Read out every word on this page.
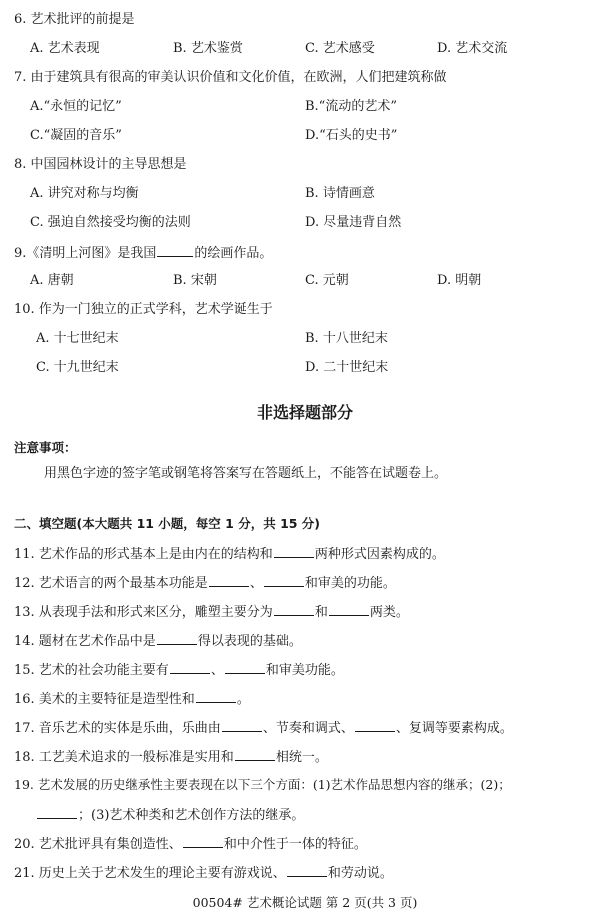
6. 艺术批评的前提是
A. 艺术表现	B. 艺术鉴赏	C. 艺术感受	D. 艺术交流
7. 由于建筑具有很高的审美认识价值和文化价值，在欧洲，人们把建筑称做
A.“永恒的记忆”	B.“流动的艺术”
C.“凝固的音乐”	D.“石头的史书”
8. 中国园林设计的主导思想是
A. 讲究对称与均衡	B. 诗情画意
C. 强迫自然接受均衡的法则	D. 尽量违背自然
9.《清明上河图》是我国	的绘画作品。
A. 唐朝	B. 宋朝	C. 元朝	D. 明朝
10. 作为一门独立的正式学科，艺术学诞生于
A. 十七世纪末	B. 十八世纪末
C. 十九世纪末	D. 二十世纪末
非选择题部分
注意事项：
用黑色字迹的签字笔或钢笔将答案写在答题纸上，不能答在试题卷上。
二、填空题(本大题共 11 小题，每空 1 分，共 15 分)
11. 艺术作品的形式基本上是由内在的结构和	两种形式因素构成的。
12. 艺术语言的两个最基本功能是	、	和审美的功能。
13. 从表现手法和形式来区分，雕塑主要分为	和	两类。
14. 题材在艺术作品中是	得以表现的基础。
15. 艺术的社会功能主要有	、	和审美功能。
16. 美术的主要特征是造型性和	。
17. 音乐艺术的实体是乐曲，乐曲由	、节奏和调式、	、复调等要素构成。
18. 工艺美术追求的一般标准是实用和	相统一。
19. 艺术发展的历史继承性主要表现在以下三个方面：(1)艺术作品思想内容的继承；(2)；
；(3)艺术种类和艺术创作方法的继承。
20. 艺术批评具有集创造性、	和中介性于一体的特征。
21. 历史上关于艺术发生的理论主要有游戏说、	和劳动说。
00504# 艺术概论试题 第 2 页(共 3 页)
